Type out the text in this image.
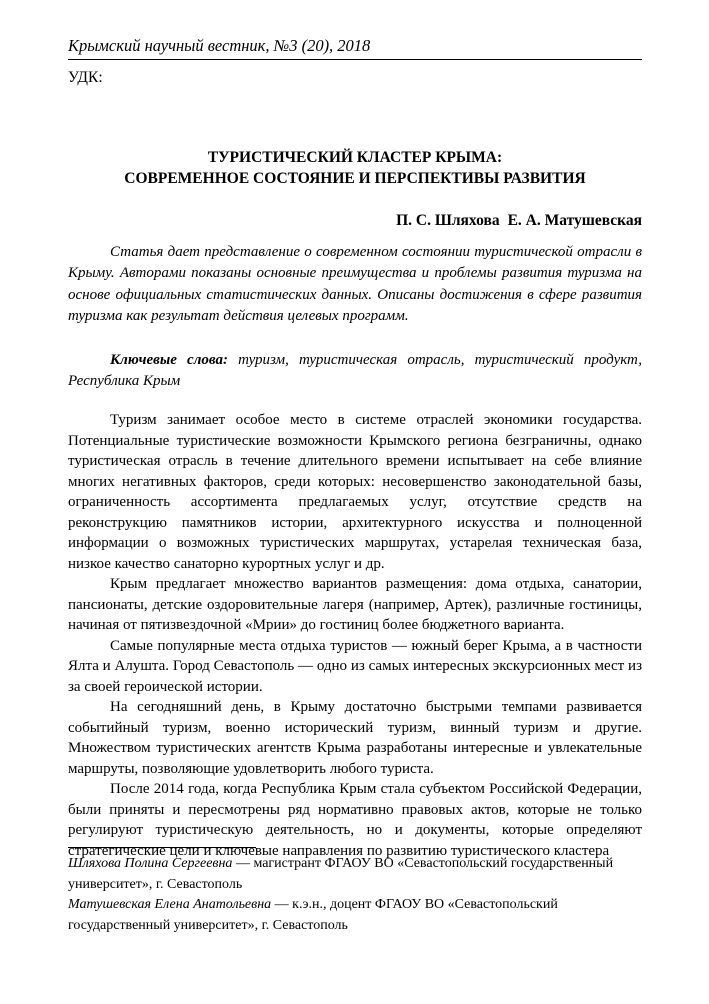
Крымский научный вестник, №3 (20), 2018
УДК:
ТУРИСТИЧЕСКИЙ КЛАСТЕР КРЫМА:
СОВРЕМЕННОЕ СОСТОЯНИЕ И ПЕРСПЕКТИВЫ РАЗВИТИЯ
П. С. Шляхова Е. А. Матушевская

Статья дает представление о современном состоянии туристической отрасли в Крыму. Авторами показаны основные преимущества и проблемы развития туризма на основе официальных статистических данных. Описаны достижения в сфере развития туризма как результат действия целевых программ.

Ключевые слова: туризм, туристическая отрасль, туристический продукт, Республика Крым

Туризм занимает особое место в системе отраслей экономики государства. Потенциальные туристические возможности Крымского региона безграничны, однако туристическая отрасль в течение длительного времени испытывает на себе влияние многих негативных факторов, среди которых: несовершенство законодательной базы, ограниченность ассортимента предлагаемых услуг, отсутствие средств на реконструкцию памятников истории, архитектурного искусства и полноценной информации о возможных туристических маршрутах, устарелая техническая база, низкое качество санаторно курортных услуг и др.

Крым предлагает множество вариантов размещения: дома отдыха, санатории, пансионаты, детские оздоровительные лагеря (например, Артек), различные гостиницы, начиная от пятизвездочной «Мрии» до гостиниц более бюджетного варианта.

Самые популярные места отдыха туристов — южный берег Крыма, а в частности Ялта и Алушта. Город Севастополь — одно из самых интересных экскурсионных мест из за своей героической истории.

На сегодняшний день, в Крыму достаточно быстрыми темпами развивается событийный туризм, военно исторический туризм, винный туризм и другие. Множеством туристических агентств Крыма разработаны интересные и увлекательные маршруты, позволяющие удовлетворить любого туриста.

После 2014 года, когда Республика Крым стала субъектом Российской Федерации, были приняты и пересмотрены ряд нормативно правовых актов, которые не только регулируют туристическую деятельность, но и документы, которые определяют стратегические цели и ключевые направления по развитию туристического кластера

Шляхова Полина Сергеевна — магистрант ФГАОУ ВО «Севастопольский государственный университет», г. Севастополь

Матушевская Елена Анатольевна — к.э.н., доцент ФГАОУ ВО «Севастопольский государственный университет», г. Севастополь
